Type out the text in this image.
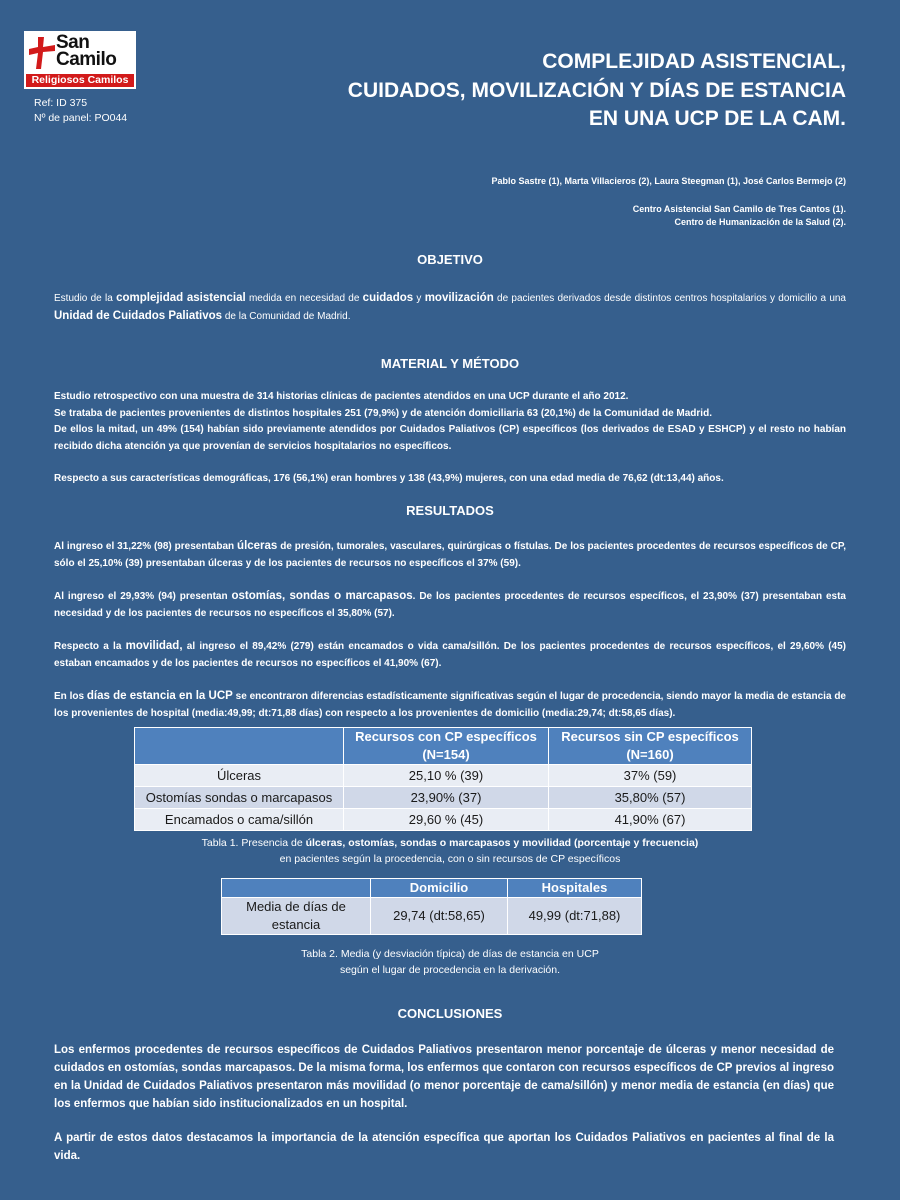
San
Camilo
Religiosos Camilos
Ref: ID 375
Nº de panel: PO044
COMPLEJIDAD ASISTENCIAL,
CUIDADOS, MOVILIZACIÓN Y DÍAS DE ESTANCIA
EN UNA UCP DE LA CAM.
Pablo Sastre (1), Marta Villacieros (2), Laura Steegman (1), José Carlos Bermejo (2)
Centro Asistencial San Camilo de Tres Cantos (1).
Centro de Humanización de la Salud (2).
OBJETIVO
Estudio de la complejidad asistencial medida en necesidad de cuidados y movilización de pacientes derivados desde distintos centros hospitalarios y domicilio a una Unidad de Cuidados Paliativos de la Comunidad de Madrid.
MATERIAL Y MÉTODO

Estudio retrospectivo con una muestra de 314 historias clínicas de pacientes atendidos en una UCP durante el año 2012.

Se trataba de pacientes provenientes de distintos hospitales 251 (79,9%) y de atención domiciliaria 63 (20,1%) de la Comunidad de Madrid.

De ellos la mitad, un 49% (154) habían sido previamente atendidos por Cuidados Paliativos (CP) específicos (los derivados de ESAD y ESHCP) y el resto no habían recibido dicha atención ya que provenían de servicios hospitalarios no específicos.

Respecto a sus características demográficas, 176 (56,1%) eran hombres y 138 (43,9%) mujeres, con una edad media de 76,62 (dt:13,44) años.

RESULTADOS

Al ingreso el 31,22% (98) presentaban úlceras de presión, tumorales, vasculares, quirúrgicas o fístulas. De los pacientes procedentes de recursos específicos de CP, sólo el 25,10% (39) presentaban úlceras y de los pacientes de recursos no específicos el 37% (59).

Al ingreso el 29,93% (94) presentan ostomías, sondas o marcapasos. De los pacientes procedentes de recursos específicos, el 23,90% (37) presentaban esta necesidad y de los pacientes de recursos no específicos el 35,80% (57).

Respecto a la movilidad, al ingreso el 89,42% (279) están encamados o vida cama/sillón. De los pacientes procedentes de recursos específicos, el 29,60% (45) estaban encamados y de los pacientes de recursos no específicos el 41,90% (67).

En los días de estancia en la UCP se encontraron diferencias estadísticamente significativas según el lugar de procedencia, siendo mayor la media de estancia de los provenientes de hospital (media:49,99; dt:71,88 días) con respecto a los provenientes de domicilio (media:29,74; dt:58,65 días).

	Recursos con CP específicos (N=154)	Recursos sin CP específicos (N=160)
Úlceras	25,10 % (39)	37% (59)
Ostomías sondas o marcapasos	23,90% (37)	35,80% (57)
Encamados o cama/sillón	29,60 % (45)	41,90% (67)
Tabla 1. Presencia de úlceras, ostomías, sondas o marcapasos y movilidad (porcentaje y frecuencia)
en pacientes según la procedencia, con o sin recursos de CP específicos
	Domicilio	Hospitales
Media de días de estancia	29,74 (dt:58,65)	49,99 (dt:71,88)
Tabla 2. Media (y desviación típica) de días de estancia en UCP
según el lugar de procedencia en la derivación.
CONCLUSIONES

Los enfermos procedentes de recursos específicos de Cuidados Paliativos presentaron menor porcentaje de úlceras y menor necesidad de cuidados en ostomías, sondas marcapasos. De la misma forma, los enfermos que contaron con recursos específicos de CP previos al ingreso en la Unidad de Cuidados Paliativos presentaron más movilidad (o menor porcentaje de cama/sillón) y menor media de estancia (en días) que los enfermos que habían sido institucionalizados en un hospital.

A partir de estos datos destacamos la importancia de la atención específica que aportan los Cuidados Paliativos en pacientes al final de la vida.
